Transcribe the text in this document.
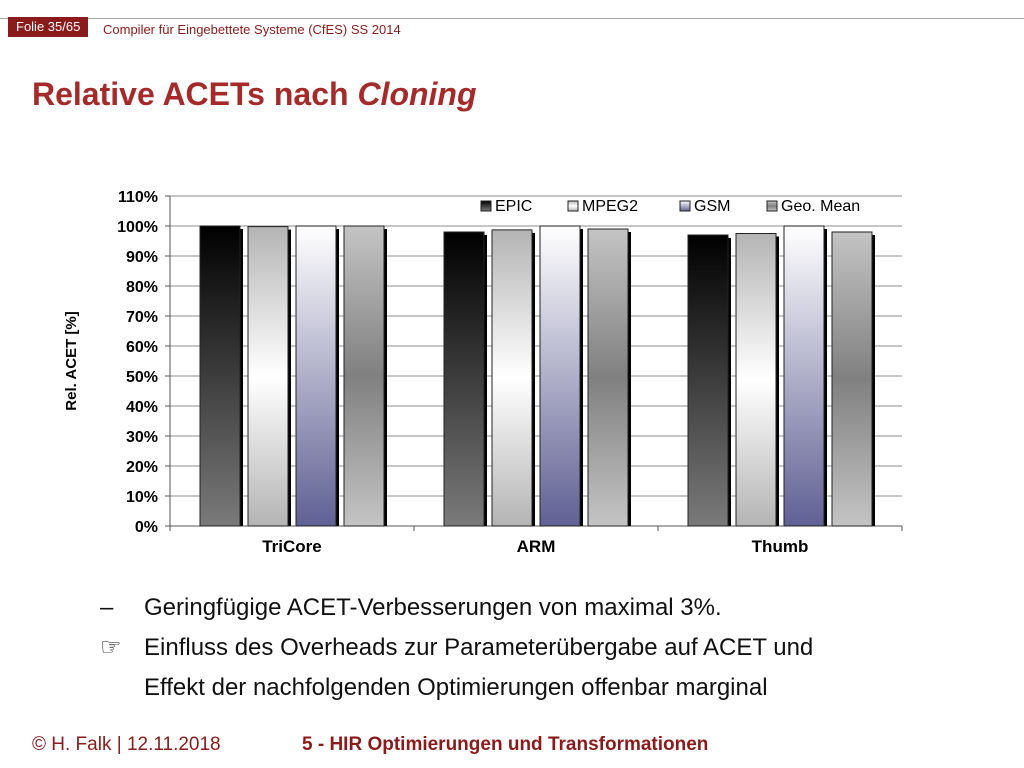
Folie 35/65	Compiler für Eingebettete Systeme (CfES) SS 2014
Relative ACETs nach Cloning
0%
10%
20%
30%
40%
50%
60%
70%
80%
90%
100%
110%
TriCore	ARM	Thumb
EPIC	MPEG2	GSM	Geo. Mean
Rel. ACET [%]
–	Geringfügige ACET-Verbesserungen von maximal 3%.
☞ Einfluss des Overheads zur Parameterübergabe auf ACET und
Effekt der nachfolgenden Optimierungen offenbar marginal
© H. Falk | 12.11.2018	5 - HIR Optimierungen und Transformationen
